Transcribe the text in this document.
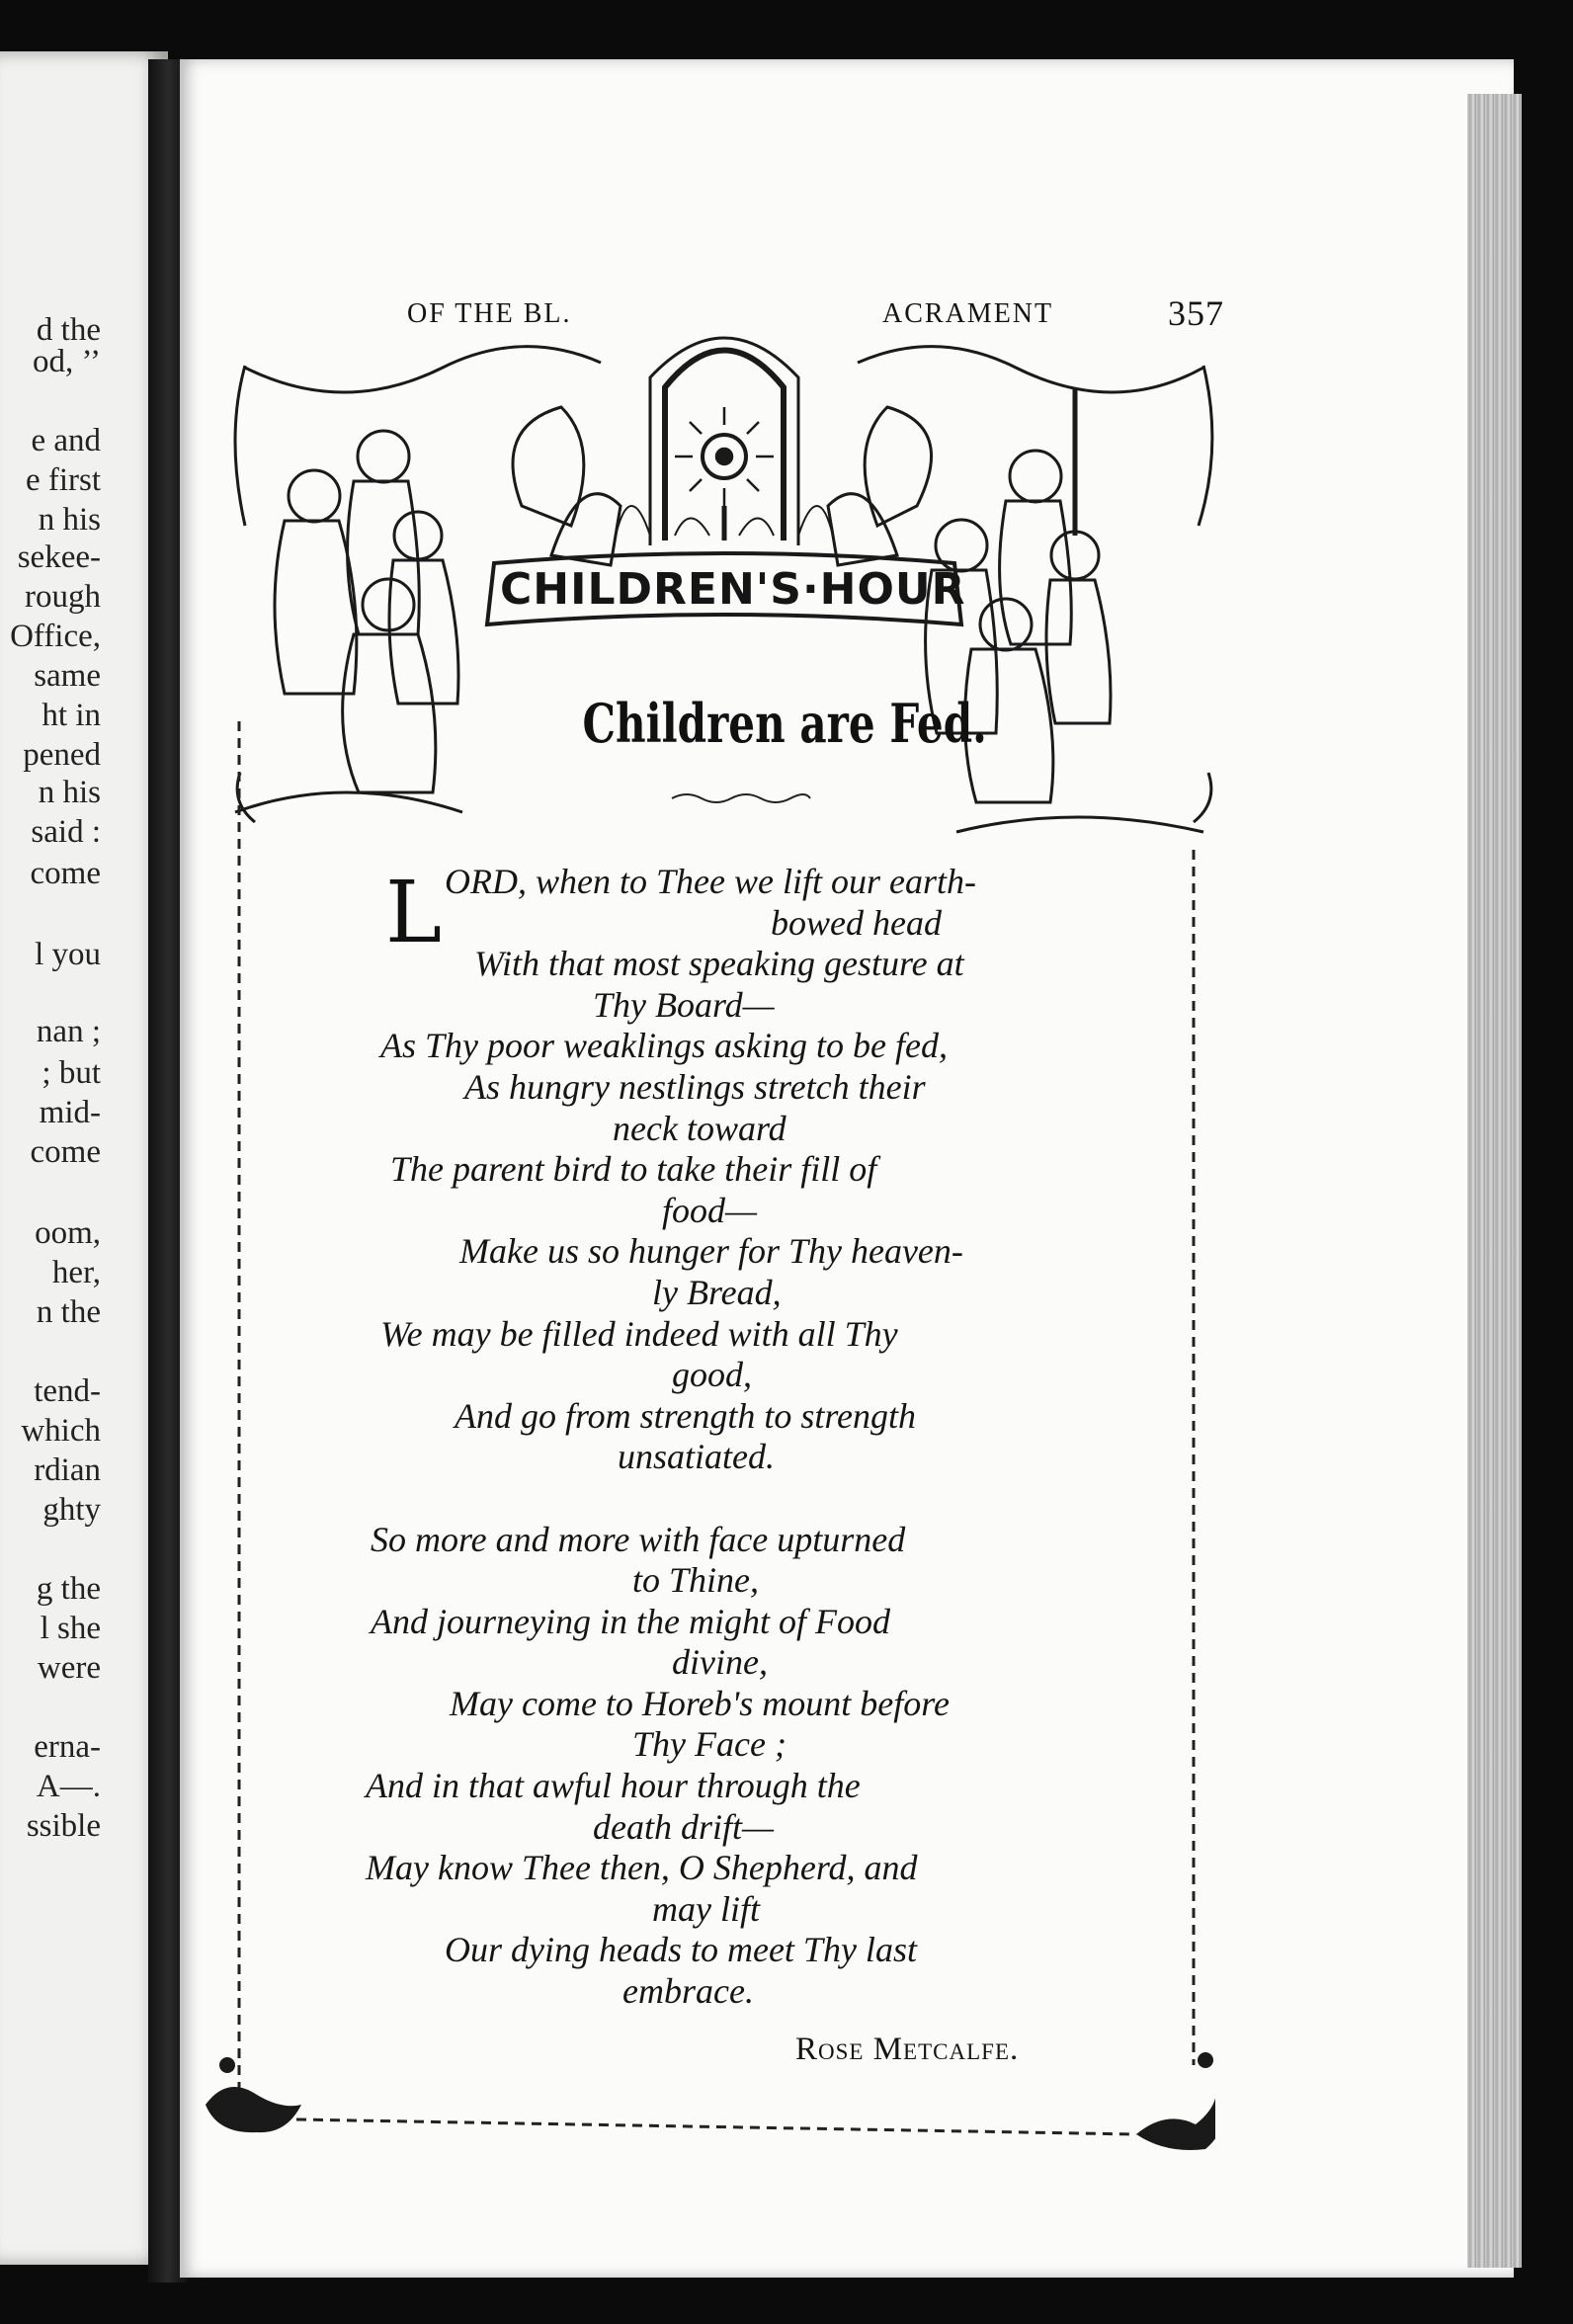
d the
od, ’’
e and
e first
n his
sekee-
rough
Office,
same
ht in
pened
n his
said :
come
l you
nan ;
; but
mid-
come
oom,
her,
n the
tend-
which
rdian
ghty
g the
l she
were
erna-
A—.
ssible
OF THE BL.	ACRAMENT	357
CHILDREN'S·HOUR
Children are Fed.
L ORD, when to Thee we lift our earth-
bowed head
With that most speaking gesture at
Thy Board—
As Thy poor weaklings asking to be fed,
As hungry nestlings stretch their
neck toward
The parent bird to take their fill of
food—
Make us so hunger for Thy heaven-
ly Bread,
We may be filled indeed with all Thy
good,
And go from strength to strength
unsatiated.
So more and more with face upturned
to Thine,
And journeying in the might of Food
divine,
May come to Horeb's mount before
Thy Face ;
And in that awful hour through the
death drift—
May know Thee then, O Shepherd, and
may lift
Our dying heads to meet Thy last
embrace.
Rose Metcalfe.
